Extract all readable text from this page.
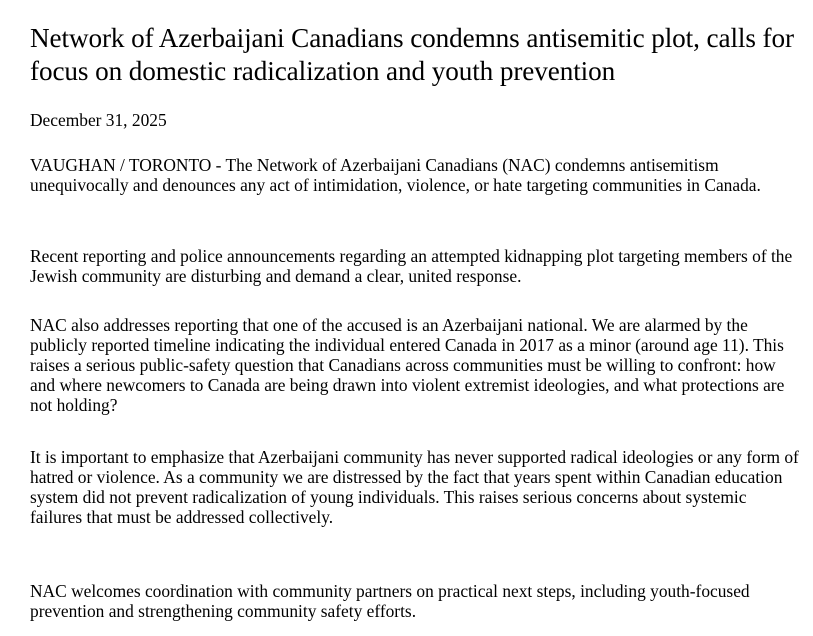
Network of Azerbaijani Canadians condemns antisemitic plot, calls for focus on domestic radicalization and youth prevention

December 31, 2025

VAUGHAN / TORONTO - The Network of Azerbaijani Canadians (NAC) condemns antisemitism unequivocally and denounces any act of intimidation, violence, or hate targeting communities in Canada.

Recent reporting and police announcements regarding an attempted kidnapping plot targeting members of the Jewish community are disturbing and demand a clear, united response.

NAC also addresses reporting that one of the accused is an Azerbaijani national. We are alarmed by the publicly reported timeline indicating the individual entered Canada in 2017 as a minor (around age 11). This raises a serious public-safety question that Canadians across communities must be willing to confront: how and where newcomers to Canada are being drawn into violent extremist ideologies, and what protections are not holding?

It is important to emphasize that Azerbaijani community has never supported radical ideologies or any form of hatred or violence. As a community we are distressed by the fact that years spent within Canadian education system did not prevent radicalization of young individuals. This raises serious concerns about systemic failures that must be addressed collectively.

NAC welcomes coordination with community partners on practical next steps, including youth-focused prevention and strengthening community safety efforts.
